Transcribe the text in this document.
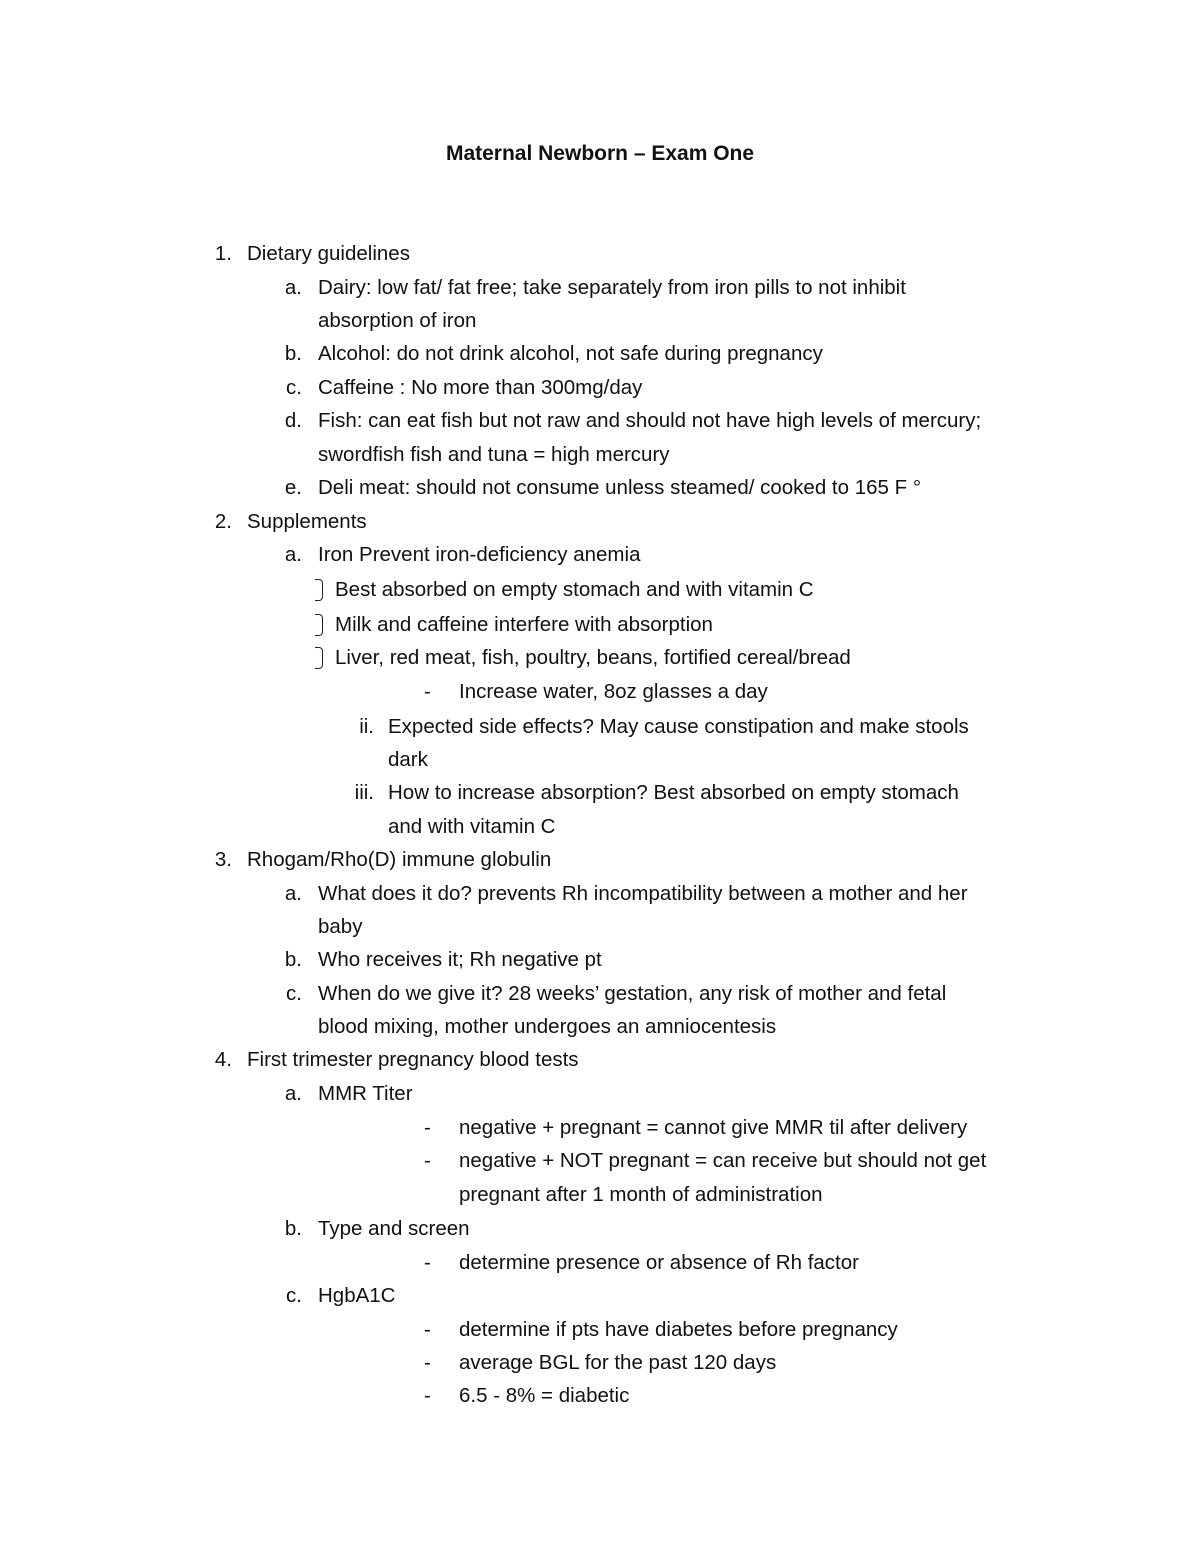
Maternal Newborn – Exam One
1. Dietary guidelines
a. Dairy: low fat/ fat free; take separately from iron pills to not inhibit
absorption of iron
b. Alcohol: do not drink alcohol, not safe during pregnancy
c. Caffeine : No more than 300mg/day
d. Fish: can eat fish but not raw and should not have high levels of mercury;
swordfish fish and tuna = high mercury
e. Deli meat: should not consume unless steamed/ cooked to 165 F °
2. Supplements
a. Iron Prevent iron-deficiency anemia
Best absorbed on empty stomach and with vitamin C
Milk and caffeine interfere with absorption
Liver, red meat, fish, poultry, beans, fortified cereal/bread
- Increase water, 8oz glasses a day
ii. Expected side effects? May cause constipation and make stools
dark
iii. How to increase absorption? Best absorbed on empty stomach
and with vitamin C
3. Rhogam/Rho(D) immune globulin
a. What does it do? prevents Rh incompatibility between a mother and her
baby
b. Who receives it; Rh negative pt
c. When do we give it? 28 weeks’ gestation, any risk of mother and fetal
blood mixing, mother undergoes an amniocentesis
4. First trimester pregnancy blood tests
a. MMR Titer
- negative + pregnant = cannot give MMR til after delivery
- negative + NOT pregnant = can receive but should not get
pregnant after 1 month of administration
b. Type and screen
- determine presence or absence of Rh factor
c. HgbA1C
- determine if pts have diabetes before pregnancy
- average BGL for the past 120 days
- 6.5 - 8% = diabetic
